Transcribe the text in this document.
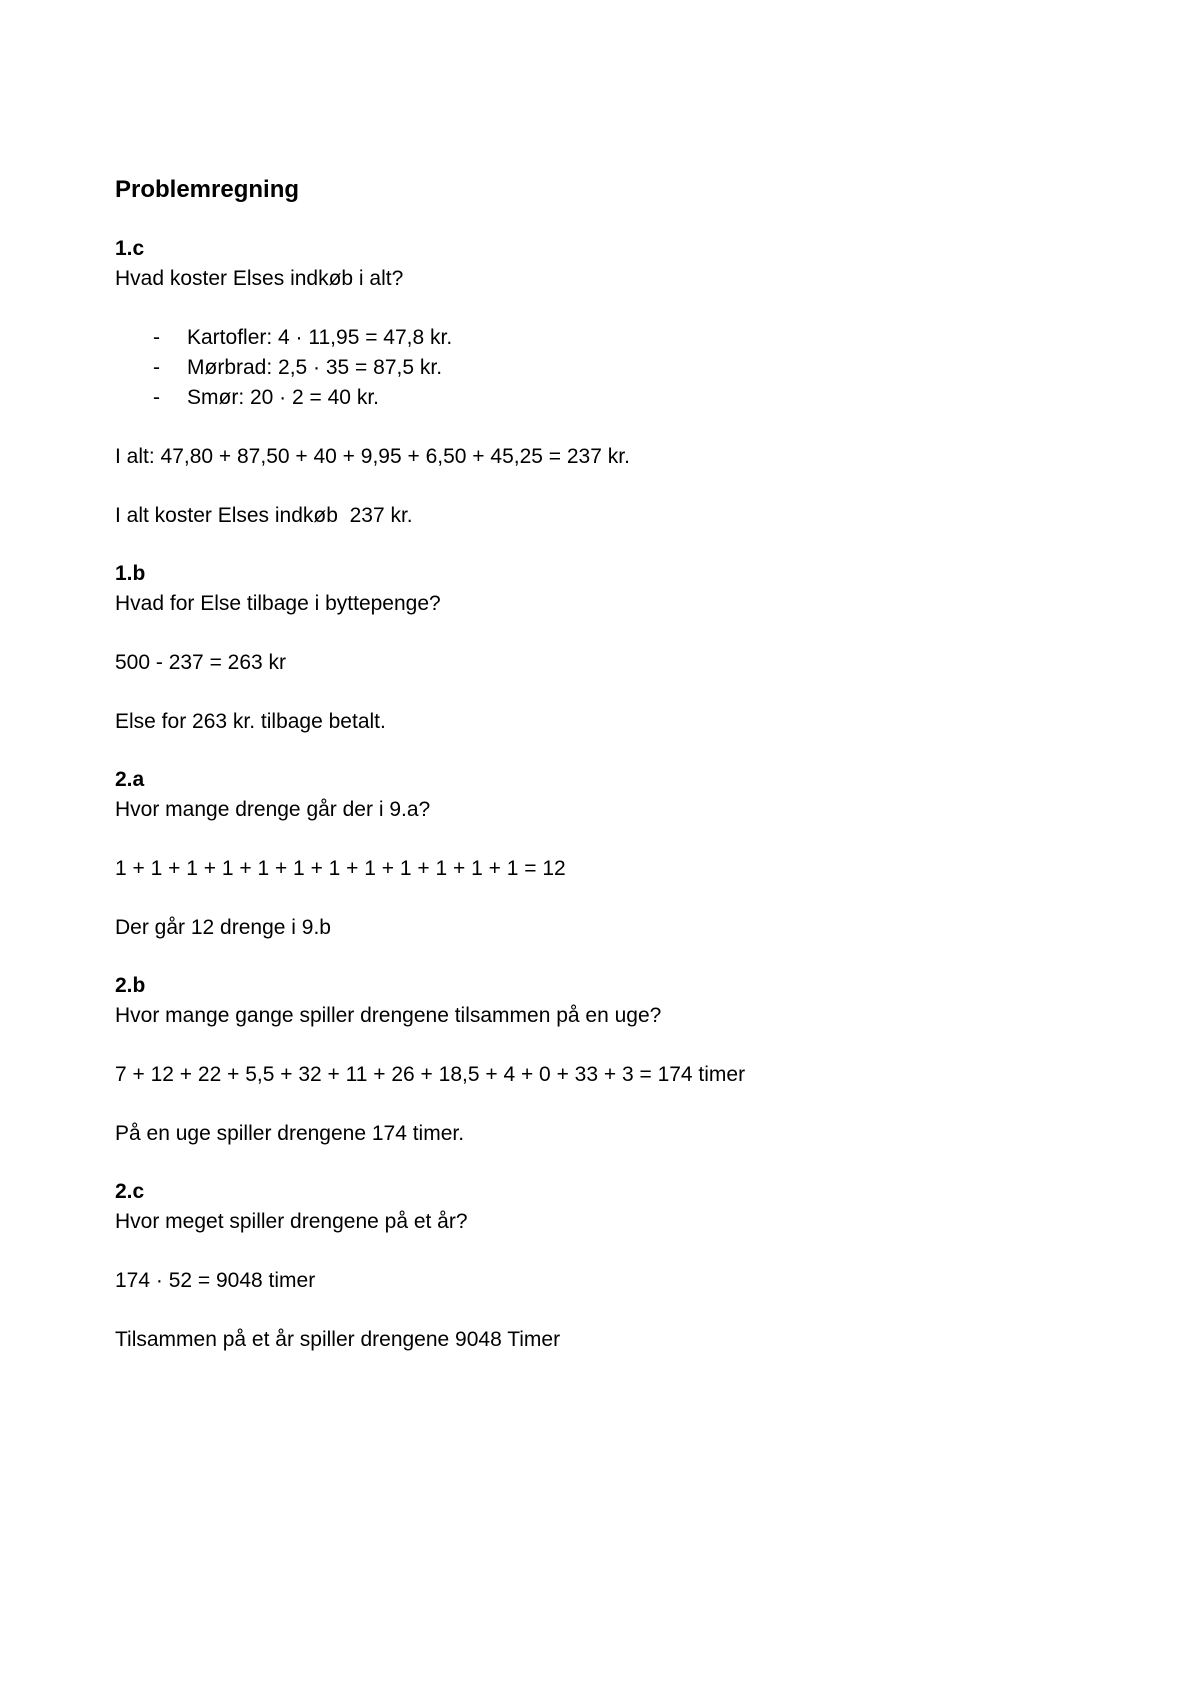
Problemregning

1.c

Hvad koster Elses indkøb i alt?

-	Kartofler: 4 · 11,95 = 47,8 kr.
-	Mørbrad: 2,5 · 35 = 87,5 kr.
-	Smør: 20 · 2 = 40 kr.

I alt: 47,80 + 87,50 + 40 + 9,95 + 6,50 + 45,25 = 237 kr.

I alt koster Elses indkøb  237 kr.

1.b

Hvad for Else tilbage i byttepenge?

500 - 237 = 263 kr

Else for 263 kr. tilbage betalt.

2.a

Hvor mange drenge går der i 9.a?

1 + 1 + 1 + 1 + 1 + 1 + 1 + 1 + 1 + 1 + 1 + 1 = 12

Der går 12 drenge i 9.b

2.b

Hvor mange gange spiller drengene tilsammen på en uge?

7 + 12 + 22 + 5,5 + 32 + 11 + 26 + 18,5 + 4 + 0 + 33 + 3 = 174 timer

På en uge spiller drengene 174 timer.

2.c

Hvor meget spiller drengene på et år?

174 · 52 = 9048 timer

Tilsammen på et år spiller drengene 9048 Timer
